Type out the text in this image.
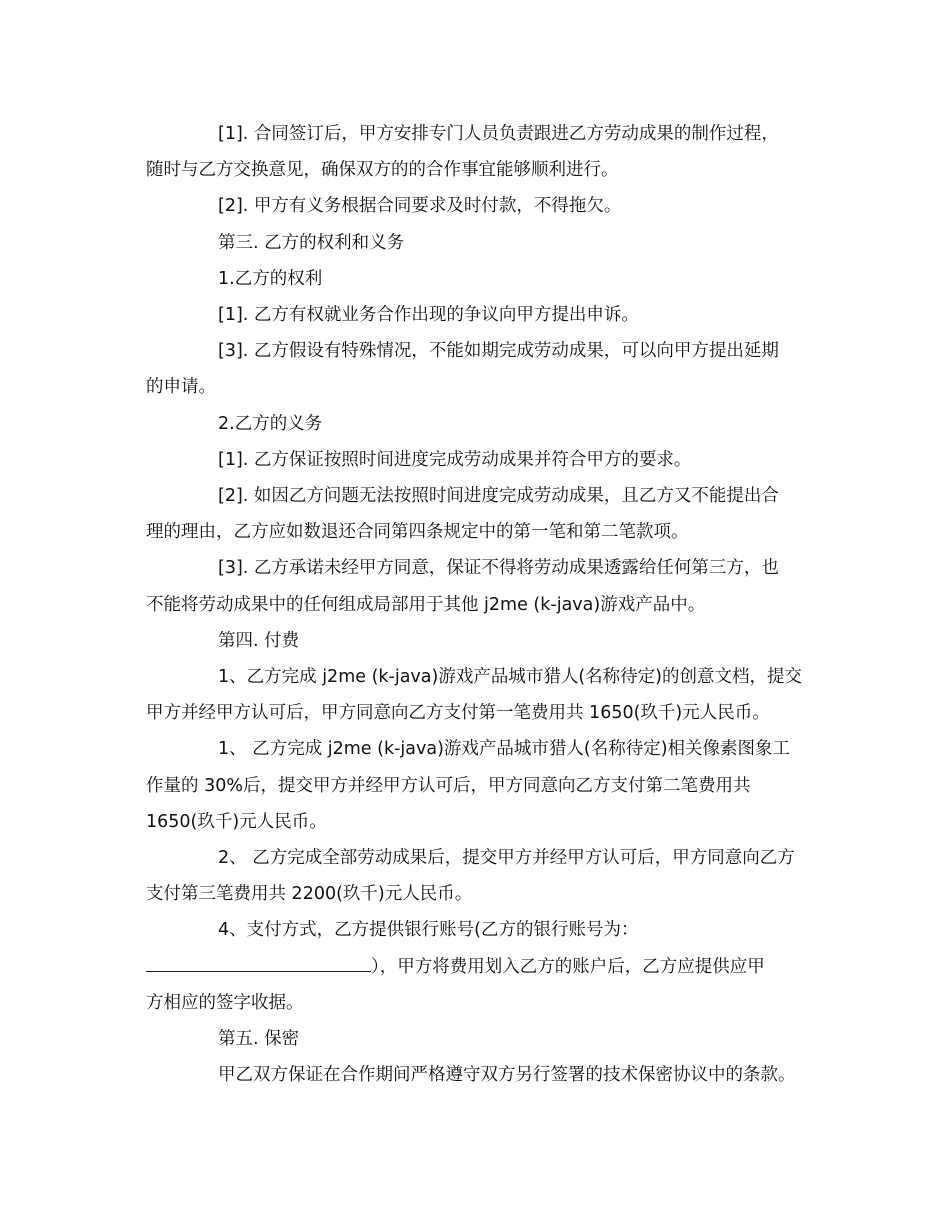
[1]. 合同签订后，甲方安排专门人员负责跟进乙方劳动成果的制作过程，
随时与乙方交换意见，确保双方的的合作事宜能够顺利进行。
[2]. 甲方有义务根据合同要求及时付款，不得拖欠。
第三. 乙方的权利和义务
1.乙方的权利
[1]. 乙方有权就业务合作出现的争议向甲方提出申诉。
[3]. 乙方假设有特殊情况，不能如期完成劳动成果，可以向甲方提出延期
的申请。
2.乙方的义务
[1]. 乙方保证按照时间进度完成劳动成果并符合甲方的要求。
[2]. 如因乙方问题无法按照时间进度完成劳动成果，且乙方又不能提出合
理的理由，乙方应如数退还合同第四条规定中的第一笔和第二笔款项。
[3]. 乙方承诺未经甲方同意，保证不得将劳动成果透露给任何第三方，也
不能将劳动成果中的任何组成局部用于其他 j2me (k-java)游戏产品中。
第四. 付费
1、乙方完成 j2me (k-java)游戏产品城市猎人(名称待定)的创意文档，提交
甲方并经甲方认可后，甲方同意向乙方支付第一笔费用共 1650(玖千)元人民币。
1、 乙方完成 j2me (k-java)游戏产品城市猎人(名称待定)相关像素图象工
作量的 30%后，提交甲方并经甲方认可后，甲方同意向乙方支付第二笔费用共
1650(玖千)元人民币。
2、 乙方完成全部劳动成果后，提交甲方并经甲方认可后，甲方同意向乙方
支付第三笔费用共 2200(玖千)元人民币。
4、支付方式，乙方提供银行账号(乙方的银行账号为：
），甲方将费用划入乙方的账户后，乙方应提供应甲
方相应的签字收据。
第五. 保密
甲乙双方保证在合作期间严格遵守双方另行签署的技术保密协议中的条款。
